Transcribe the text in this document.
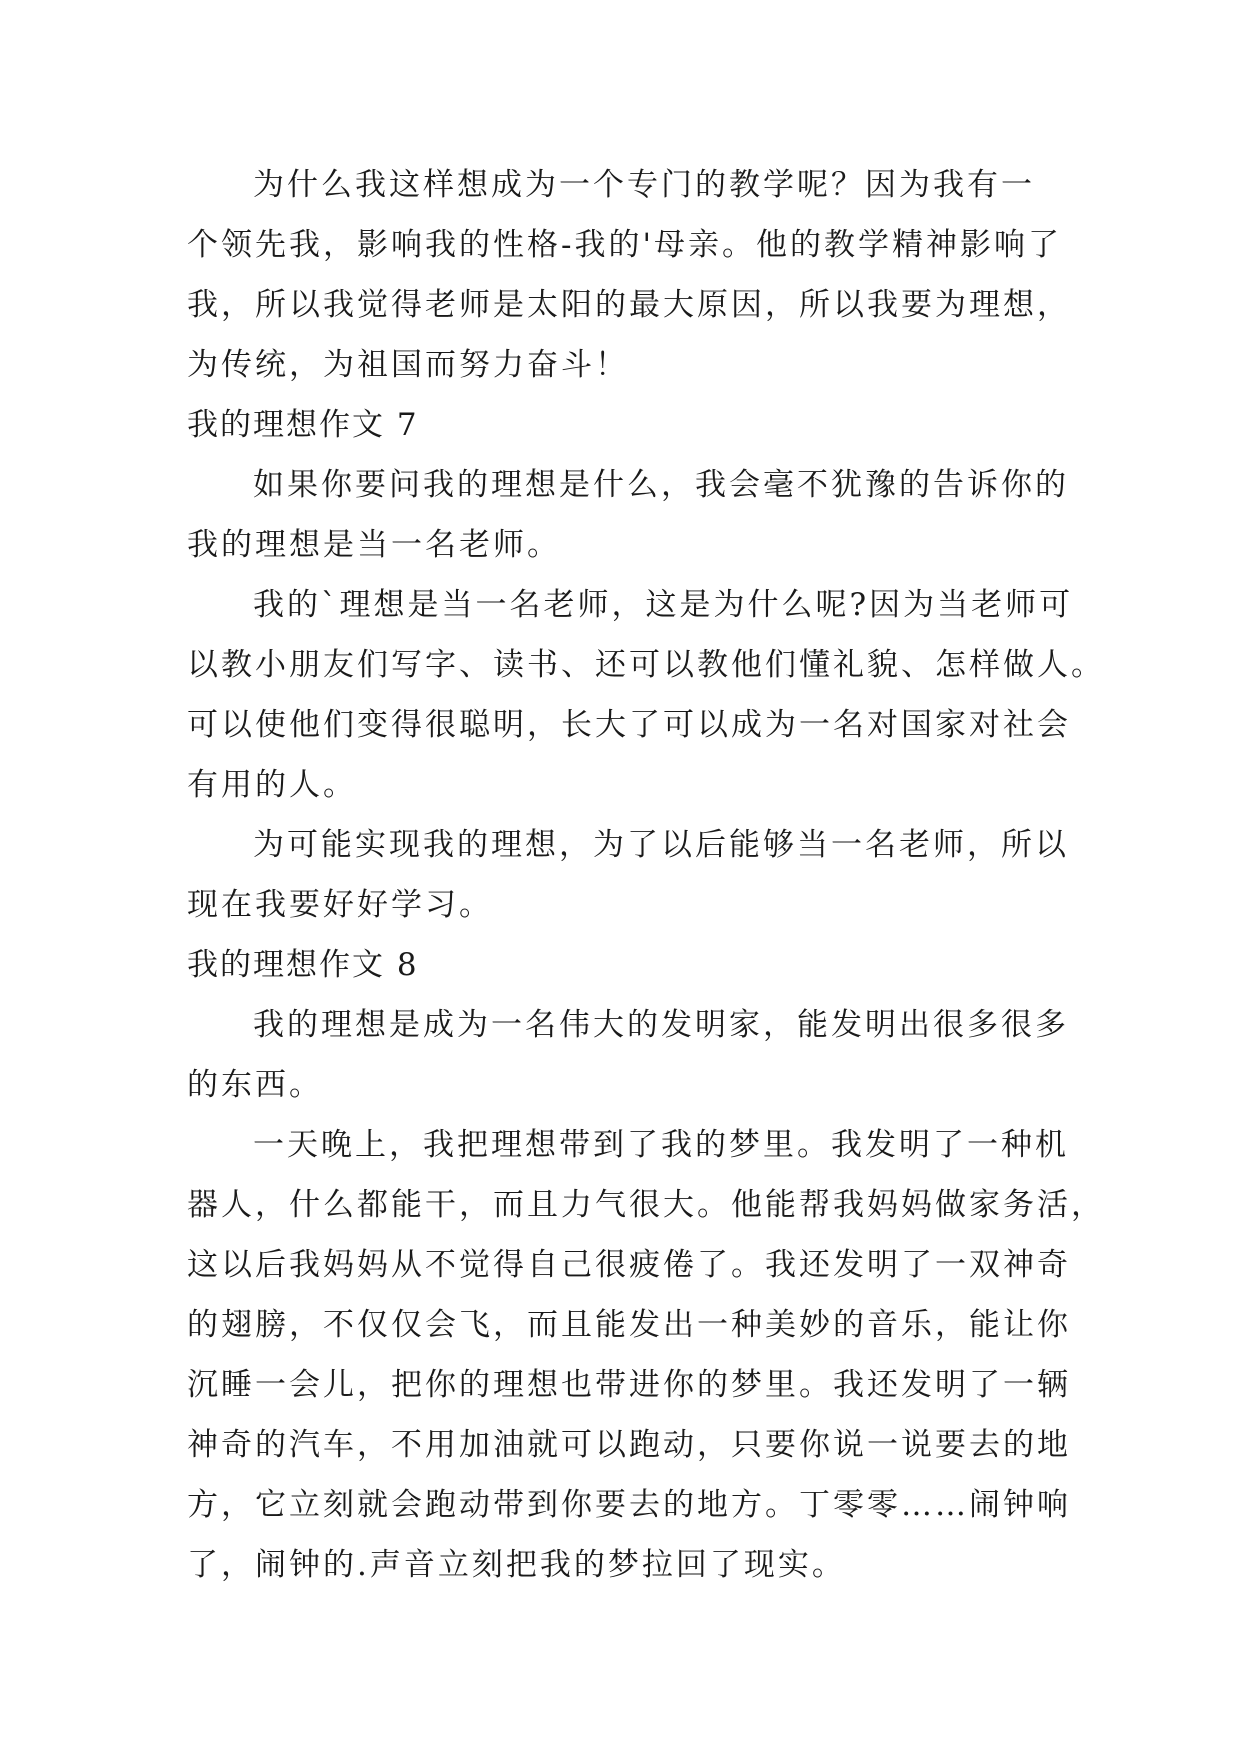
为什么我这样想成为一个专门的教学呢？因为我有一
个领先我，影响我的性格-我的'母亲。他的教学精神影响了
我，所以我觉得老师是太阳的最大原因，所以我要为理想，
为传统，为祖国而努力奋斗！
我的理想作文 7
如果你要问我的理想是什么，我会毫不犹豫的告诉你的
我的理想是当一名老师。
我的`理想是当一名老师，这是为什么呢?因为当老师可
以教小朋友们写字、读书、还可以教他们懂礼貌、怎样做人。
可以使他们变得很聪明，长大了可以成为一名对国家对社会
有用的人。
为可能实现我的理想，为了以后能够当一名老师，所以
现在我要好好学习。
我的理想作文 8
我的理想是成为一名伟大的发明家，能发明出很多很多
的东西。
一天晚上，我把理想带到了我的梦里。我发明了一种机
器人，什么都能干，而且力气很大。他能帮我妈妈做家务活，
这以后我妈妈从不觉得自己很疲倦了。我还发明了一双神奇
的翅膀，不仅仅会飞，而且能发出一种美妙的音乐，能让你
沉睡一会儿，把你的理想也带进你的梦里。我还发明了一辆
神奇的汽车，不用加油就可以跑动，只要你说一说要去的地
方，它立刻就会跑动带到你要去的地方。丁零零……闹钟响
了，闹钟的.声音立刻把我的梦拉回了现实。
